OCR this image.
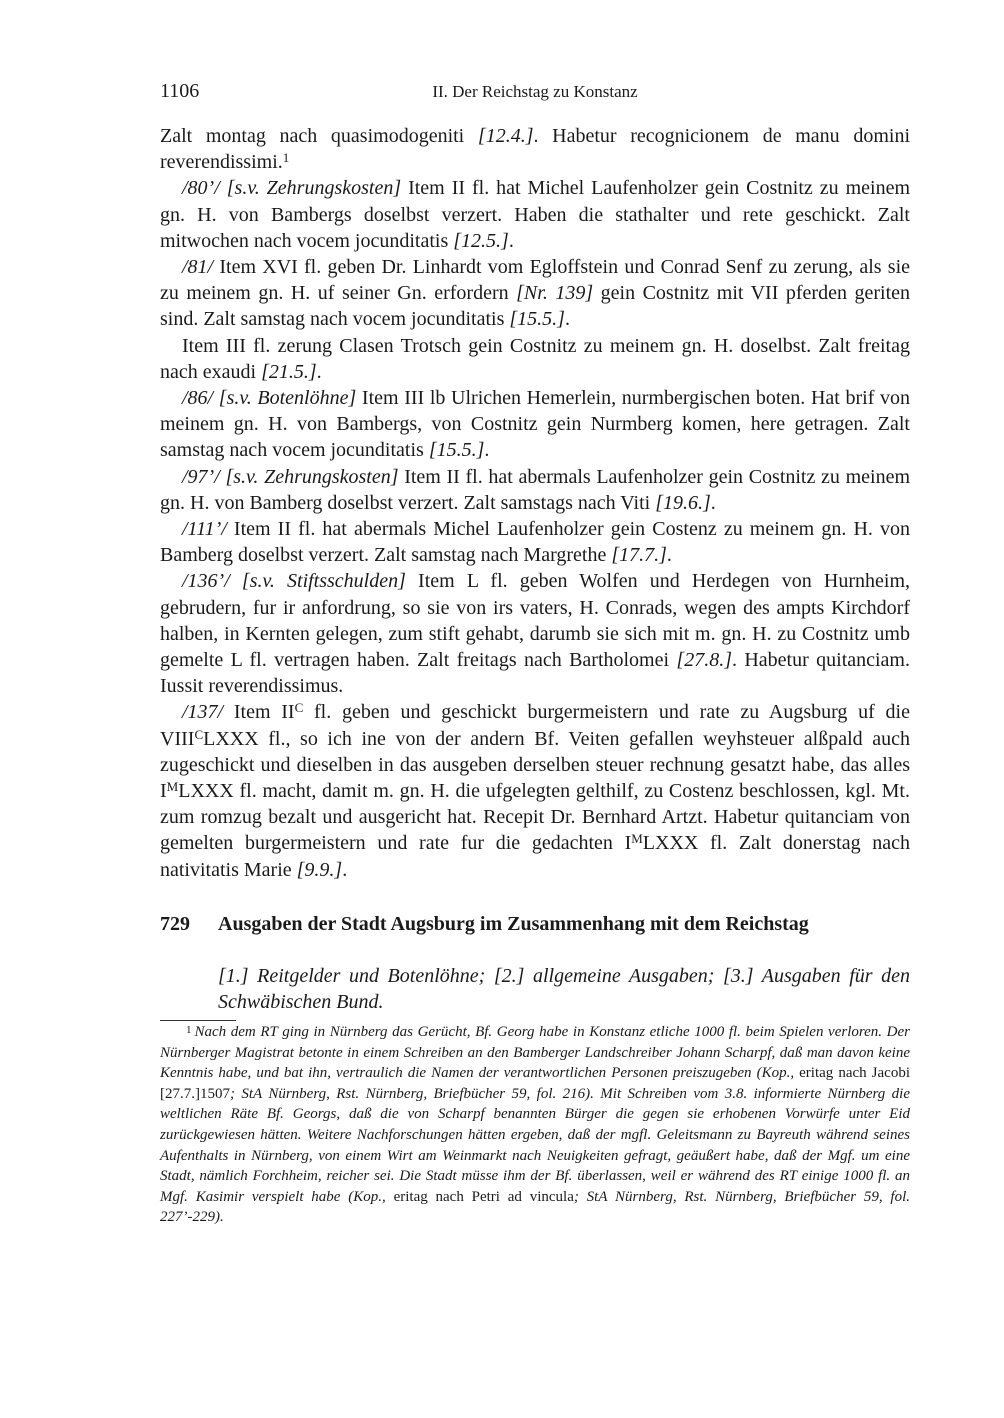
1106	II. Der Reichstag zu Konstanz

Zalt montag nach quasimodogeniti [12.4.]. Habetur recognicionem de manu domini reverendissimi.$^1$

/80’/ [s.v. Zehrungskosten] Item II fl. hat Michel Laufenholzer gein Costnitz zu meinem gn. H. von Bambergs doselbst verzert. Haben die stathalter und rete geschickt. Zalt mitwochen nach vocem jocunditatis [12.5.].

/81/ Item XVI fl. geben Dr. Linhardt vom Egloffstein und Conrad Senf zu zerung, als sie zu meinem gn. H. uf seiner Gn. erfordern [Nr. 139] gein Costnitz mit VII pferden geriten sind. Zalt samstag nach vocem jocunditatis [15.5.].

Item III fl. zerung Clasen Trotsch gein Costnitz zu meinem gn. H. doselbst. Zalt freitag nach exaudi [21.5.].

/86/ [s.v. Botenlöhne] Item III lb Ulrichen Hemerlein, nurmbergischen boten. Hat brif von meinem gn. H. von Bambergs, von Costnitz gein Nurmberg komen, here getragen. Zalt samstag nach vocem jocunditatis [15.5.].

/97’/ [s.v. Zehrungskosten] Item II fl. hat abermals Laufenholzer gein Costnitz zu meinem gn. H. von Bamberg doselbst verzert. Zalt samstags nach Viti [19.6.].

/111’/ Item II fl. hat abermals Michel Laufenholzer gein Costenz zu meinem gn. H. von Bamberg doselbst verzert. Zalt samstag nach Margrethe [17.7.].

/136’/ [s.v. Stiftsschulden] Item L fl. geben Wolfen und Herdegen von Hurnheim, gebrudern, fur ir anfordrung, so sie von irs vaters, H. Conrads, wegen des ampts Kirchdorf halben, in Kernten gelegen, zum stift gehabt, darumb sie sich mit m. gn. H. zu Costnitz umb gemelte L fl. vertragen haben. Zalt freitags nach Bartholomei [27.8.]. Habetur quitanciam. Iussit reverendissimus.

/137/ Item $II^C$ fl. geben und geschickt burgermeistern und rate zu Augsburg uf die $VIII^CLXXX$ fl., so ich ine von der andern Bf. Veiten gefallen weyhsteuer alßpald auch zugeschickt und dieselben in das ausgeben derselben steuer rechnung gesatzt habe, das alles $I^MLXXX$ fl. macht, damit m. gn. H. die ufgelegten gelthilf, zu Costenz beschlossen, kgl. Mt. zum romzug bezalt und ausgericht hat. Recepit Dr. Bernhard Artzt. Habetur quitanciam von gemelten burgermeistern und rate fur die gedachten $I^MLXXX$ fl. Zalt donerstag nach nativitatis Marie [9.9.].

729 Ausgaben der Stadt Augsburg im Zusammenhang mit dem Reichstag
[1.] Reitgelder und Botenlöhne; [2.] allgemeine Ausgaben; [3.] Ausgaben für den Schwäbischen Bund.
$^1$ Nach dem RT ging in Nürnberg das Gerücht, Bf. Georg habe in Konstanz etliche 1000 fl. beim Spielen verloren. Der Nürnberger Magistrat betonte in einem Schreiben an den Bamberger Landschreiber Johann Scharpf, daß man davon keine Kenntnis habe, und bat ihn, vertraulich die Namen der verantwortlichen Personen preiszugeben (Kop., eritag nach Jacobi [27.7.]1507; StA Nürnberg, Rst. Nürnberg, Briefbücher 59, fol. 216). Mit Schreiben vom 3.8. informierte Nürnberg die weltlichen Räte Bf. Georgs, daß die von Scharpf benannten Bürger die gegen sie erhobenen Vorwürfe unter Eid zurückgewiesen hätten. Weitere Nachforschungen hätten ergeben, daß der mgfl. Geleitsmann zu Bayreuth während seines Aufenthalts in Nürnberg, von einem Wirt am Weinmarkt nach Neuigkeiten gefragt, geäußert habe, daß der Mgf. um eine Stadt, nämlich Forchheim, reicher sei. Die Stadt müsse ihm der Bf. überlassen, weil er während des RT einige 1000 fl. an Mgf. Kasimir verspielt habe (Kop., eritag nach Petri ad vincula; StA Nürnberg, Rst. Nürnberg, Briefbücher 59, fol. 227’-229).
